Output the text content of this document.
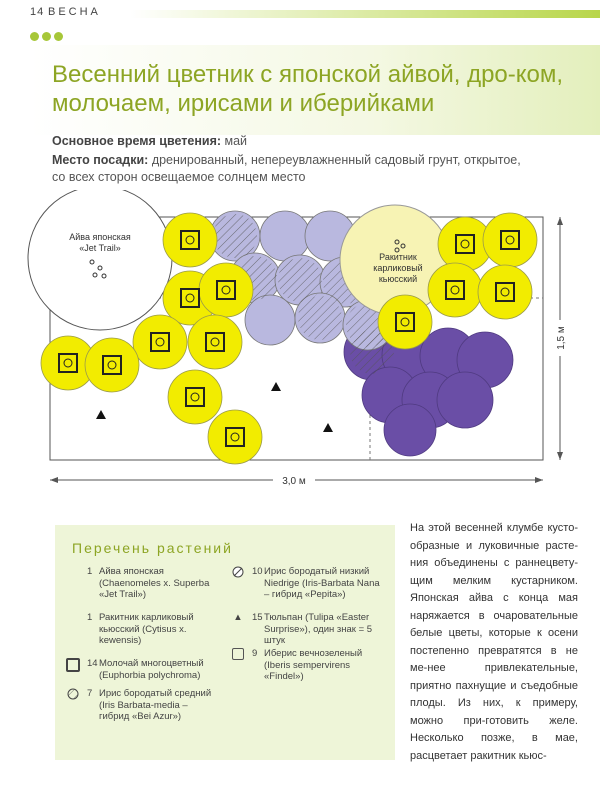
14 ВЕСНА
Весенний цветник с японской айвой, дро-ком, молочаем, ирисами и иберийками
Основное время цветения: май
Место посадки: дренированный, непереувлажненный садовый грунт, открытое, со всех сторон освещаемое солнцем место
Айва японская
«Jet Trail»
Ракитник
карликовый
кьюсский
3,0 м
1,5 м
Перечень растений
1 Айва японская (Chaenomeles x. Superba «Jet Trail»)
1 Ракитник карликовый кьюсский (Cytisus x. kewensis)
14 Молочай многоцветный (Euphorbia polychroma)
7 Ирис бородатый средний (Iris Barbata-media – гибрид «Bei Azur»)
10 Ирис бородатый низкий Niedrige (Iris-Barbata Nana – гибрид «Pepita»)
▲ 15 Тюльпан (Tulipa «Easter Surprise»), один знак = 5 штук
9 Иберис вечнозеленый (Iberis sempervirens «Findel»)
На этой весенней клумбе кусто-образные и луковичные расте-ния объединены с раннецвету-щим мелким кустарником. Японская айва с конца мая наряжается в очаровательные белые цветы, которые к осени постепенно превратятся в не ме-нее привлекательные, приятно пахнущие и съедобные плоды. Из них, к примеру, можно при-готовить желе. Несколько позже, в мае, расцветает ракитник кьюс-
